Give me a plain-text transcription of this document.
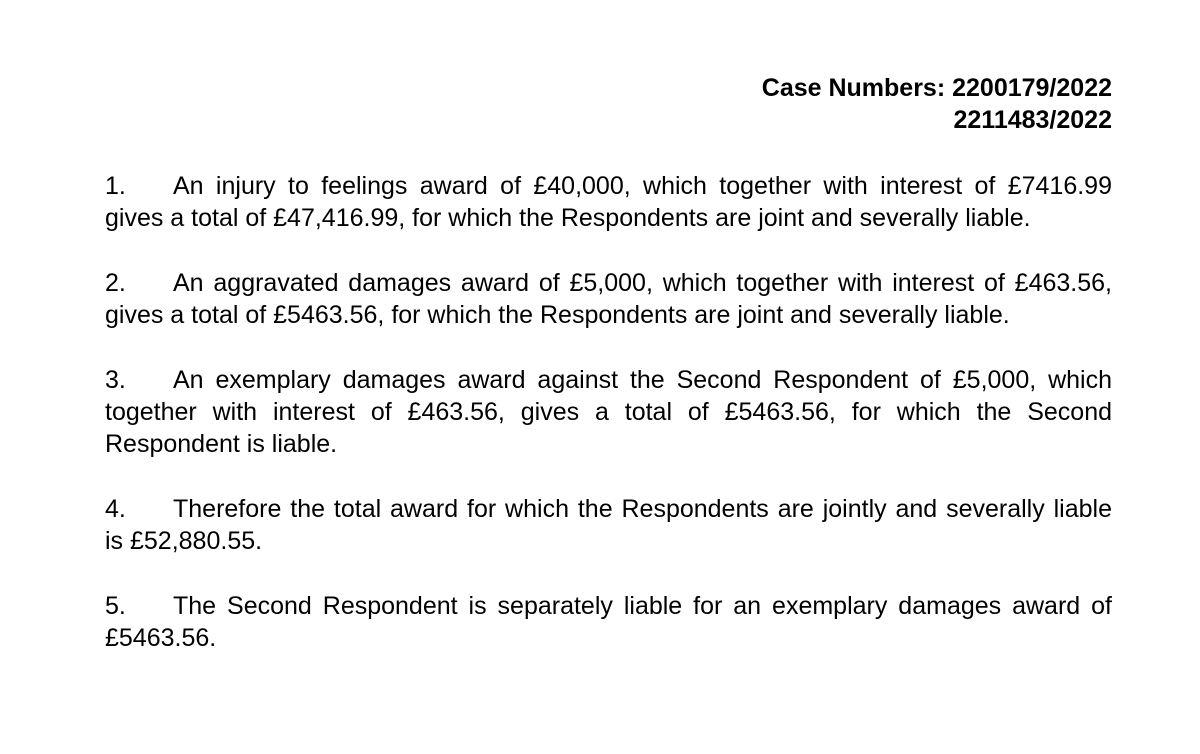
Case Numbers: 2200179/2022
2211483/2022

1. An injury to feelings award of £40,000, which together with interest of £7416.99 gives a total of £47,416.99, for which the Respondents are joint and severally liable.

2. An aggravated damages award of £5,000, which together with interest of £463.56, gives a total of £5463.56, for which the Respondents are joint and severally liable.

3. An exemplary damages award against the Second Respondent of £5,000, which together with interest of £463.56, gives a total of £5463.56, for which the Second Respondent is liable.

4. Therefore the total award for which the Respondents are jointly and severally liable is £52,880.55.

5. The Second Respondent is separately liable for an exemplary damages award of £5463.56.
